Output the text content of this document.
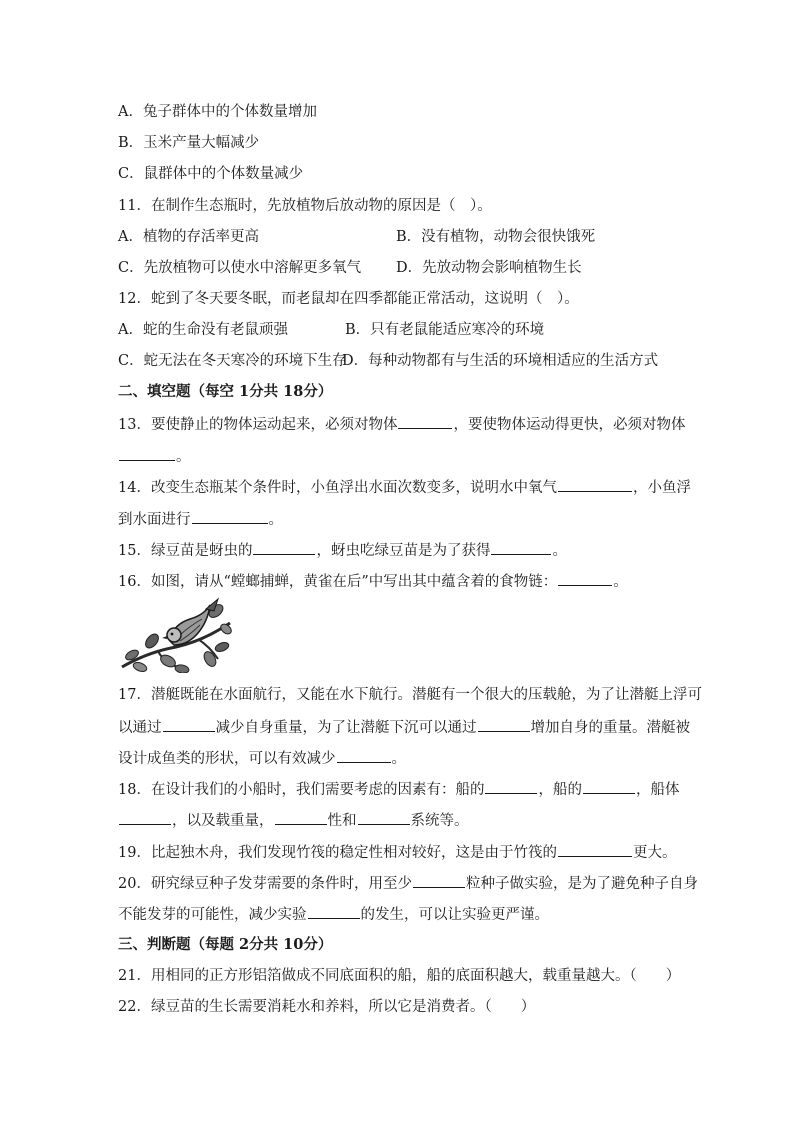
A．兔子群体中的个体数量增加
B．玉米产量大幅减少
C．鼠群体中的个体数量减少
11．在制作生态瓶时，先放植物后放动物的原因是（　）。
A．植物的存活率更高	B．没有植物，动物会很快饿死
C．先放植物可以使水中溶解更多氧气 D．先放动物会影响植物生长
12．蛇到了冬天要冬眠，而老鼠却在四季都能正常活动，这说明（　）。
A．蛇的生命没有老鼠顽强	B．只有老鼠能适应寒冷的环境
C．蛇无法在冬天寒冷的环境下生存
D．每种动物都有与生活的环境相适应的生活方式
二、填空题（每空 1分共 18分）
13．要使静止的物体运动起来，必须对物体	，要使物体运动得更快，必须对物体
。
14．改变生态瓶某个条件时，小鱼浮出水面次数变多，说明水中氧气	，小鱼浮
到水面进行	。
15．绿豆苗是蚜虫的	，蚜虫吃绿豆苗是为了获得	。
16．如图，请从“螳螂捕蝉，黄雀在后”中写出其中蕴含着的食物链：	。
17．潜艇既能在水面航行，又能在水下航行。潜艇有一个很大的压载舱，为了让潜艇上浮可
以通过	减少自身重量，为了让潜艇下沉可以通过	增加自身的重量。潜艇被
设计成鱼类的形状，可以有效减少	。
18．在设计我们的小船时，我们需要考虑的因素有：船的	，船的	，船体
，以及载重量，	性和	系统等。
19．比起独木舟，我们发现竹筏的稳定性相对较好，这是由于竹筏的	更大。
20．研究绿豆种子发芽需要的条件时，用至少	粒种子做实验，是为了避免种子自身
不能发芽的可能性，减少实验	的发生，可以让实验更严谨。
三、判断题（每题 2分共 10分）
21．用相同的正方形铝箔做成不同底面积的船，船的底面积越大，载重量越大。（　　）
22．绿豆苗的生长需要消耗水和养料，所以它是消费者。（　　）
